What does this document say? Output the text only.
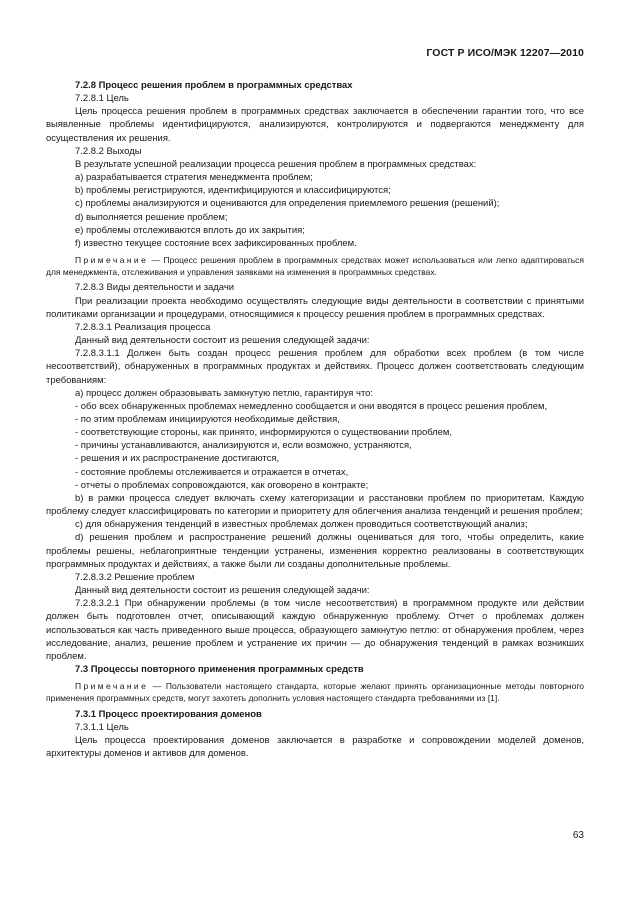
ГОСТ Р ИСО/МЭК 12207—2010

7.2.8 Процесс решения проблем в программных средствах

7.2.8.1 Цель

Цель процесса решения проблем в программных средствах заключается в обеспечении гарантии того, что все выявленные проблемы идентифицируются, анализируются, контролируются и подвергаются менеджменту для осуществления их решения.

7.2.8.2 Выходы

В результате успешной реализации процесса решения проблем в программных средствах:

a) разрабатывается стратегия менеджмента проблем;

b) проблемы регистрируются, идентифицируются и классифицируются;

c) проблемы анализируются и оцениваются для определения приемлемого решения (решений);

d) выполняется решение проблем;

e) проблемы отслеживаются вплоть до их закрытия;

f) известно текущее состояние всех зафиксированных проблем.

Примечание — Процесс решения проблем в программных средствах может использоваться или легко адаптироваться для менеджмента, отслеживания и управления заявками на изменения в программных средствах.

7.2.8.3 Виды деятельности и задачи

При реализации проекта необходимо осуществлять следующие виды деятельности в соответствии с принятыми политиками организации и процедурами, относящимися к процессу решения проблем в программных средствах.

7.2.8.3.1 Реализация процесса

Данный вид деятельности состоит из решения следующей задачи:

7.2.8.3.1.1 Должен быть создан процесс решения проблем для обработки всех проблем (в том числе несоответствий), обнаруженных в программных продуктах и действиях. Процесс должен соответствовать следующим требованиям:

a) процесс должен образовывать замкнутую петлю, гарантируя что:

- обо всех обнаруженных проблемах немедленно сообщается и они вводятся в процесс решения проблем,

- по этим проблемам инициируются необходимые действия,

- соответствующие стороны, как принято, информируются о существовании проблем,

- причины устанавливаются, анализируются и, если возможно, устраняются,

- решения и их распространение достигаются,

- состояние проблемы отслеживается и отражается в отчетах,

- отчеты о проблемах сопровождаются, как оговорено в контракте;

b) в рамки процесса следует включать схему категоризации и расстановки проблем по приоритетам. Каждую проблему следует классифицировать по категории и приоритету для облегчения анализа тенденций и решения проблем;

c) для обнаружения тенденций в известных проблемах должен проводиться соответствующий анализ;

d) решения проблем и распространение решений должны оцениваться для того, чтобы определить, какие проблемы решены, неблагоприятные тенденции устранены, изменения корректно реализованы в соответствующих программных продуктах и действиях, а также были ли созданы дополнительные проблемы.

7.2.8.3.2 Решение проблем

Данный вид деятельности состоит из решения следующей задачи:

7.2.8.3.2.1 При обнаружении проблемы (в том числе несоответствия) в программном продукте или действии должен быть подготовлен отчет, описывающий каждую обнаруженную проблему. Отчет о проблемах должен использоваться как часть приведенного выше процесса, образующего замкнутую петлю: от обнаружения проблем, через исследование, анализ, решение проблем и устранение их причин — до обнаружения тенденций в рамках возникших проблем.

7.3 Процессы повторного применения программных средств

Примечание — Пользователи настоящего стандарта, которые желают принять организационные методы повторного применения программных средств, могут захотеть дополнить условия настоящего стандарта требованиями из [1].

7.3.1 Процесс проектирования доменов

7.3.1.1 Цель

Цель процесса проектирования доменов заключается в разработке и сопровождении моделей доменов, архитектуры доменов и активов для доменов.

63
